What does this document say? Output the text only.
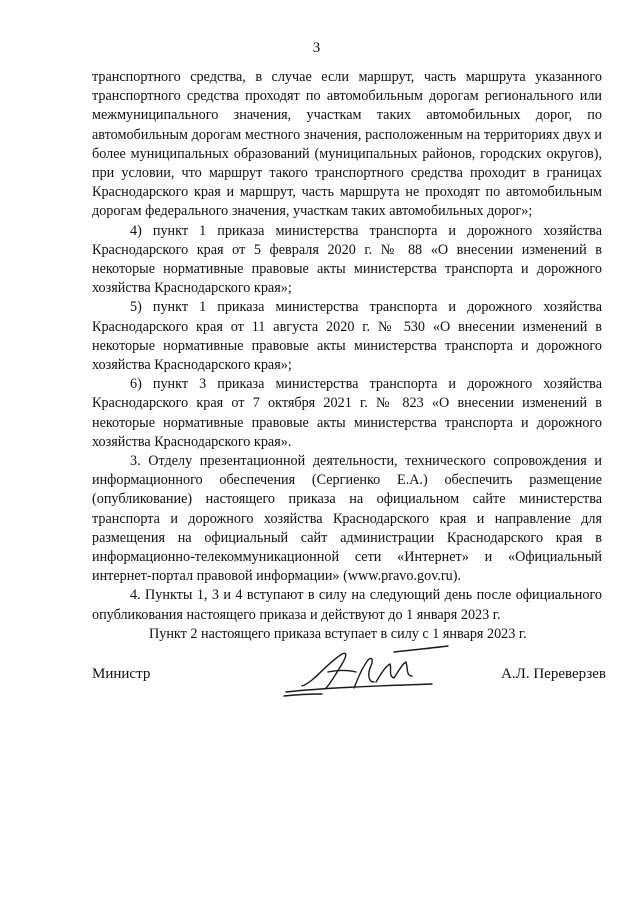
3

транспортного средства, в случае если маршрут, часть маршрута указанного транспортного средства проходят по автомобильным дорогам регионального или межмуниципального значения, участкам таких автомобильных дорог, по автомобильным дорогам местного значения, расположенным на территориях двух и более муниципальных образований (муниципальных районов, городских округов), при условии, что маршрут такого транспортного средства проходит в границах Краснодарского края и маршрут, часть маршрута не проходят по автомобильным дорогам федерального значения, участкам таких автомобильных дорог»;

4) пункт 1 приказа министерства транспорта и дорожного хозяйства Краснодарского края от 5 февраля 2020 г. № 88 «О внесении изменений в некоторые нормативные правовые акты министерства транспорта и дорожного хозяйства Краснодарского края»;

5) пункт 1 приказа министерства транспорта и дорожного хозяйства Краснодарского края от 11 августа 2020 г. № 530 «О внесении изменений в некоторые нормативные правовые акты министерства транспорта и дорожного хозяйства Краснодарского края»;

6) пункт 3 приказа министерства транспорта и дорожного хозяйства Краснодарского края от 7 октября 2021 г. № 823 «О внесении изменений в некоторые нормативные правовые акты министерства транспорта и дорожного хозяйства Краснодарского края».

3. Отделу презентационной деятельности, технического сопровождения и информационного обеспечения (Сергиенко Е.А.) обеспечить размещение (опубликование) настоящего приказа на официальном сайте министерства транспорта и дорожного хозяйства Краснодарского края и направление для размещения на официальный сайт администрации Краснодарского края в информационно-телекоммуникационной сети «Интернет» и «Официальный интернет-портал правовой информации» (www.pravo.gov.ru).

4. Пункты 1, 3 и 4 вступают в силу на следующий день после официального опубликования настоящего приказа и действуют до 1 января 2023 г.

Пункт 2 настоящего приказа вступает в силу с 1 января 2023 г.

Министр	А.Л. Переверзев
